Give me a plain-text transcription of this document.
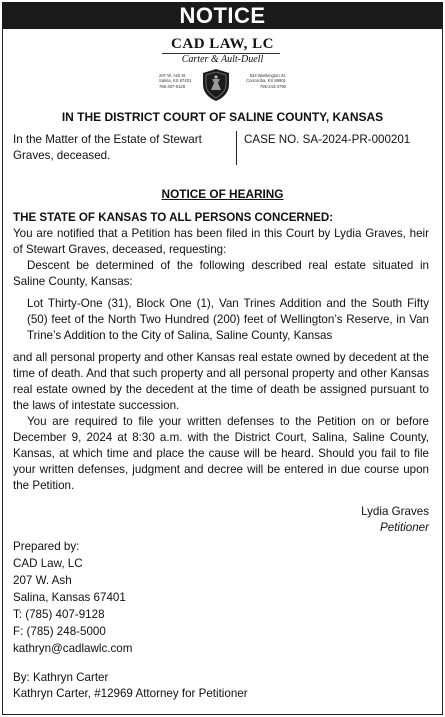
NOTICE
CAD LAW, LC
Carter & Ault-Duell
207 W. Ash St.
Salina, KS 67401
785-407-9128
633 Washington St.
Concordia, KS 66901
785-243-3790
IN THE DISTRICT COURT OF SALINE COUNTY, KANSAS
In the Matter of the Estate of Stewart Graves, deceased.
CASE NO. SA-2024-PR-000201
NOTICE OF HEARING

THE STATE OF KANSAS TO ALL PERSONS CONCERNED:

You are notified that a Petition has been filed in this Court by Lydia Graves, heir of Stewart Graves, deceased, requesting:

Descent be determined of the following described real estate situated in Saline County, Kansas:

Lot Thirty-One (31), Block One (1), Van Trines Addition and the South Fifty (50) feet of the North Two Hundred (200) feet of Wellington’s Reserve, in Van Trine’s Addition to the City of Salina, Saline County, Kansas

and all personal property and other Kansas real estate owned by decedent at the time of death. And that such property and all personal property and other Kansas real estate owned by the decedent at the time of death be assigned pursuant to the laws of intestate succession.

You are required to file your written defenses to the Petition on or before December 9, 2024 at 8:30 a.m. with the District Court, Salina, Saline County, Kansas, at which time and place the cause will be heard. Should you fail to file your written defenses, judgment and decree will be entered in due course upon the Petition.

Lydia Graves
Petitioner
Prepared by:
CAD Law, LC
207 W. Ash
Salina, Kansas 67401
T: (785) 407-9128
F: (785) 248-5000
kathryn@cadlawlc.com
By: Kathryn Carter
Kathryn Carter, #12969 Attorney for Petitioner
